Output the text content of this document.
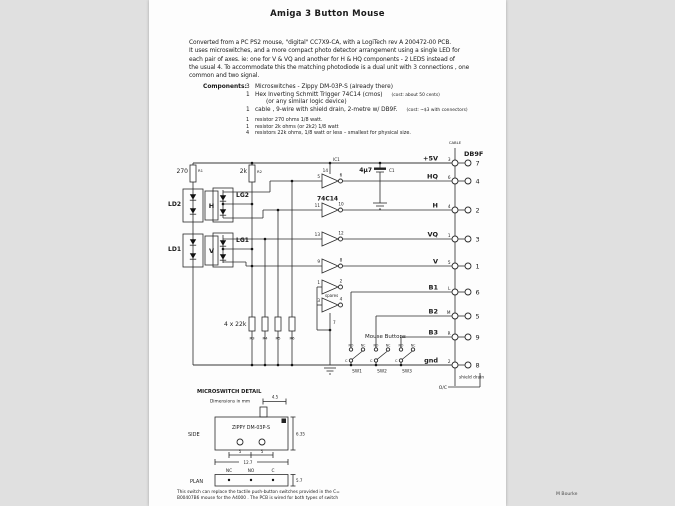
Amiga 3 Button Mouse
Converted from a PC PS2 mouse, "digital" CC7X9-CA, with a LogiTech rev A 200472-00 PCB.
It uses microswitches, and a more compact photo detector arrangement using a single LED for
each pair of axes. ie: one for V & VQ and another for H & HQ components - 2 LEDS instead of
the usual 4. To accommodate this the matching photodiode is a dual unit with 3 connections , one
common and two signal.
Components: 3 Microswitches - Zippy DM-03P-S (already there)
1 Hex Inverting Schmitt Trigger 74C14 (cmos) (cost: about 50 cents)
(or any similar logic device)
1 cable , 9-wire with shield drain, 2-metre w/ DB9F. (cost: ~$3 with connectors)
1	resistor 270 ohms 1/8 watt.
1	resistor 2k ohms (or 2k2) 1/8 watt
4	resistors 22k ohms, 1/8 watt or less – smallest for physical size.
This switch can replace the tactile push-button switches provided in the C=
B00407B6 mouse for the A4000 . The PCB is wired for both types of switch
M Bourke
CABLE
DB9F
+5V 3	7
HQ 6	4
H 4	2
VQ 1	3
V 5	1
B1 L	6
B2 M	5
B3 R	9
gnd 2	8
shield drain
O/C
5	6
11	10
13	12
9	8
1	2
3	4
74C14
IC1
14
spares
7
270	R1	2k	R2	4µ7	C1
LD2	H
LG2
LD1	V
LG1
4 x 22k
R3 R4 R5 R6	Mouse Buttons
NO NC
C
SW1
NO NC
C
SW2
NO NC
C
SW3
MICROSWITCH DETAIL
Dimensions in mm
4.5
ZIPPY DM-03P-S
SIDE	6.35
5	5
12.7
NC	NO	C
PLAN	5.7
